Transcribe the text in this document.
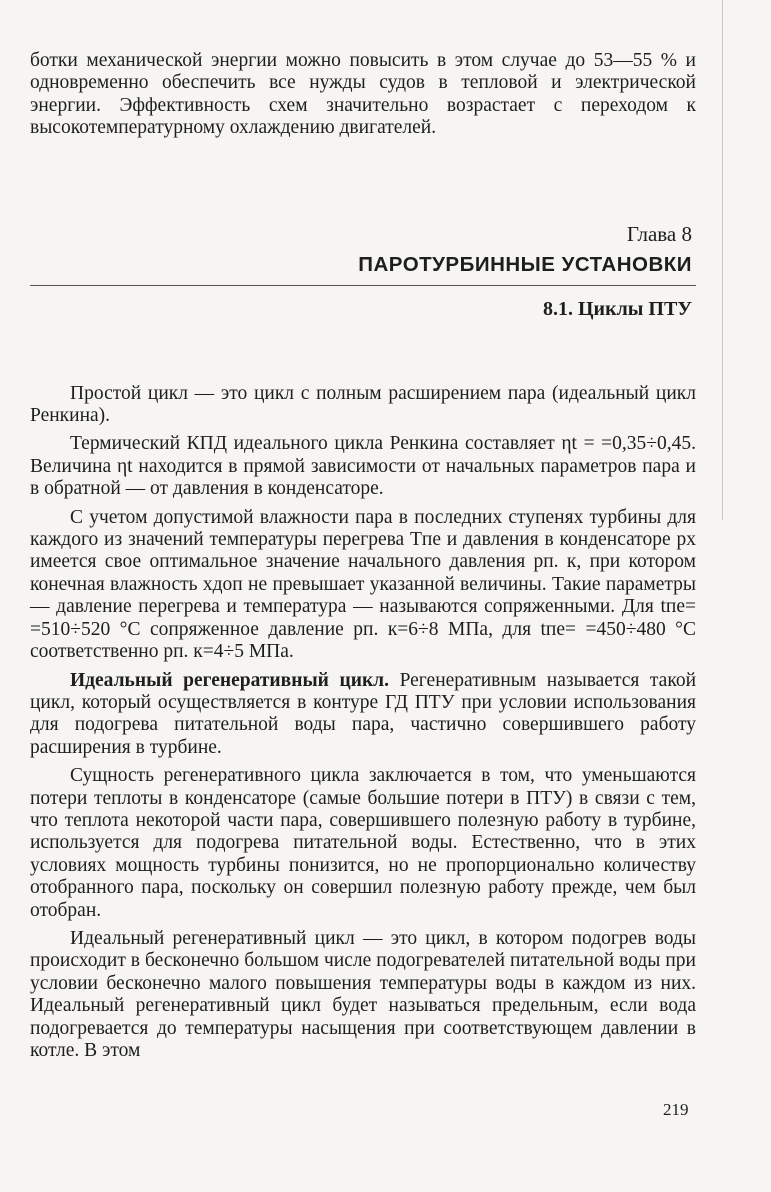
ботки механической энергии можно повысить в этом случае до 53—55 % и одновременно обеспечить все нужды судов в тепловой и электрической энергии. Эффективность схем значительно возрастает с переходом к высокотемпературному охлаждению двигателей.

Глава 8
ПАРОТУРБИННЫЕ УСТАНОВКИ
8.1. Циклы ПТУ

Простой цикл — это цикл с полным расширением пара (идеальный цикл Ренкина).

Термический КПД идеального цикла Ренкина составляет ηt = =0,35÷0,45. Величина ηt находится в прямой зависимости от начальных параметров пара и в обратной — от давления в конденсаторе.

С учетом допустимой влажности пара в последних ступенях турбины для каждого из значений температуры перегрева Tпе и давления в конденсаторе px имеется свое оптимальное значение начального давления pп. к, при котором конечная влажность xдоп не превышает указанной величины. Такие параметры — давление перегрева и температура — называются сопряженными. Для tпе= =510÷520 °С сопряженное давление pп. к=6÷8 МПа, для tпе= =450÷480 °С соответственно pп. к=4÷5 МПа.

Идеальный регенеративный цикл. Регенеративным называется такой цикл, который осуществляется в контуре ГД ПТУ при условии использования для подогрева питательной воды пара, частично совершившего работу расширения в турбине.

Сущность регенеративного цикла заключается в том, что уменьшаются потери теплоты в конденсаторе (самые большие потери в ПТУ) в связи с тем, что теплота некоторой части пара, совершившего полезную работу в турбине, используется для подогрева питательной воды. Естественно, что в этих условиях мощность турбины понизится, но не пропорционально количеству отобранного пара, поскольку он совершил полезную работу прежде, чем был отобран.

Идеальный регенеративный цикл — это цикл, в котором подогрев воды происходит в бесконечно большом числе подогревателей питательной воды при условии бесконечно малого повышения температуры воды в каждом из них. Идеальный регенеративный цикл будет называться предельным, если вода подогревается до температуры насыщения при соответствующем давлении в котле. В этом

219
